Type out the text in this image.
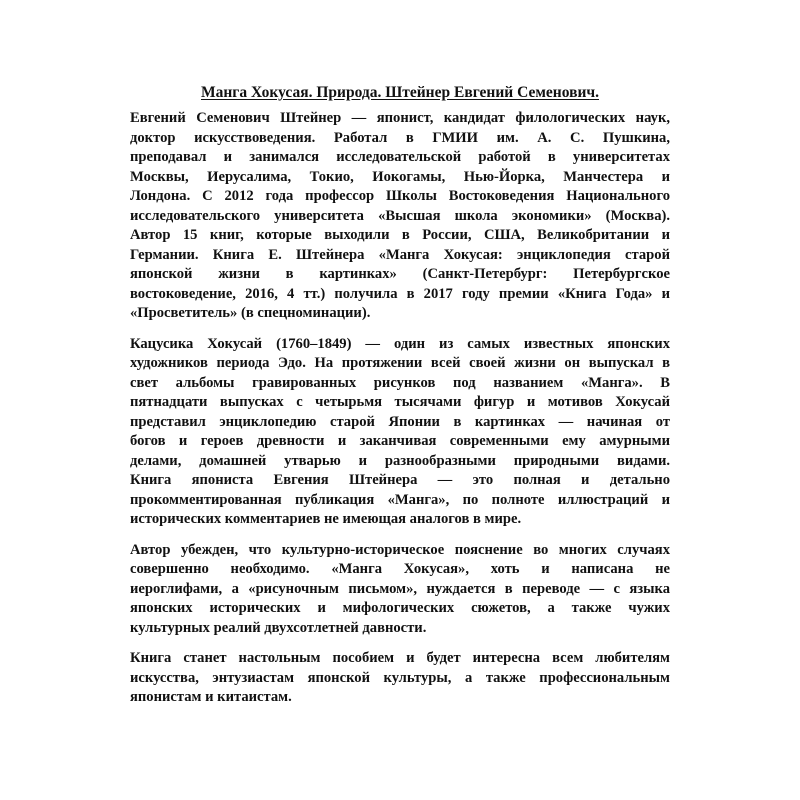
Манга Хокусая. Природа. Штейнер Евгений Семенович.

Евгений Семенович Штейнер — японист, кандидат филологических наук,
доктор искусствоведения. Работал в ГМИИ им. А. С. Пушкина,
преподавал и занимался исследовательской работой в университетах
Москвы, Иерусалима, Токио, Иокогамы, Нью-Йорка, Манчестера и
Лондона. С 2012 года профессор Школы Востоковедения Национального
исследовательского университета «Высшая школа экономики» (Москва).
Автор 15 книг, которые выходили в России, США, Великобритании и
Германии. Книга Е. Штейнера «Манга Хокусая: энциклопедия старой
японской жизни в картинках» (Санкт-Петербург: Петербургское
востоковедение, 2016, 4 тт.) получила в 2017 году премии «Книга Года» и
«Просветитель» (в спецноминации).

Кацусика Хокусай (1760–1849) — один из самых известных японских
художников периода Эдо. На протяжении всей своей жизни он выпускал в
свет альбомы гравированных рисунков под названием «Манга». В
пятнадцати выпусках с четырьмя тысячами фигур и мотивов Хокусай
представил энциклопедию старой Японии в картинках — начиная от
богов и героев древности и заканчивая современными ему амурными
делами, домашней утварью и разнообразными природными видами.
Книга япониста Евгения Штейнера — это полная и детально
прокомментированная публикация «Манга», по полноте иллюстраций и
исторических комментариев не имеющая аналогов в мире.

Автор убежден, что культурно-историческое пояснение во многих случаях
совершенно необходимо. «Манга Хокусая», хоть и написана не
иероглифами, а «рисуночным письмом», нуждается в переводе — с языка
японских исторических и мифологических сюжетов, а также чужих
культурных реалий двухсотлетней давности.

Книга станет настольным пособием и будет интересна всем любителям
искусства, энтузиастам японской культуры, а также профессиональным
японистам и китаистам.
